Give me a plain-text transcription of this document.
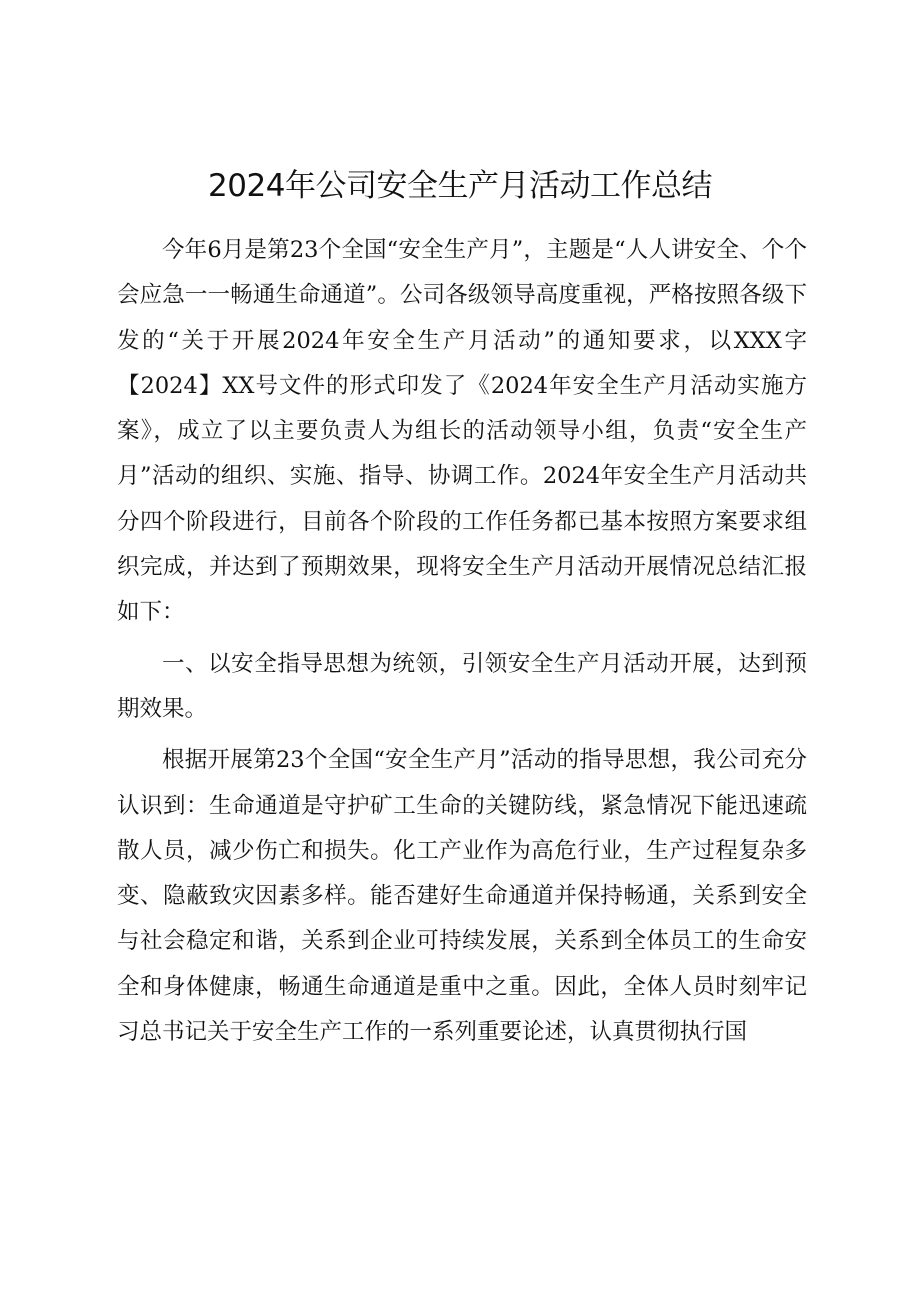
2024年公司安全生产月活动工作总结

今年6月是第23个全国“安全生产月”，主题是“人人讲安全、个个会应急一一畅通生命通道”。公司各级领导高度重视，严格按照各级下发的“关于开展2024年安全生产月活动”的通知要求，以XXX字【2024】XX号文件的形式印发了《2024年安全生产月活动实施方案》，成立了以主要负责人为组长的活动领导小组，负责“安全生产月”活动的组织、实施、指导、协调工作。2024年安全生产月活动共分四个阶段进行，目前各个阶段的工作任务都已基本按照方案要求组织完成，并达到了预期效果，现将安全生产月活动开展情况总结汇报如下：

一、以安全指导思想为统领，引领安全生产月活动开展，达到预期效果。

根据开展第23个全国“安全生产月”活动的指导思想，我公司充分认识到：生命通道是守护矿工生命的关键防线，紧急情况下能迅速疏散人员，减少伤亡和损失。化工产业作为高危行业，生产过程复杂多变、隐蔽致灾因素多样。能否建好生命通道并保持畅通，关系到安全与社会稳定和谐，关系到企业可持续发展，关系到全体员工的生命安全和身体健康，畅通生命通道是重中之重。因此，全体人员时刻牢记习总书记关于安全生产工作的一系列重要论述，认真贯彻执行国
